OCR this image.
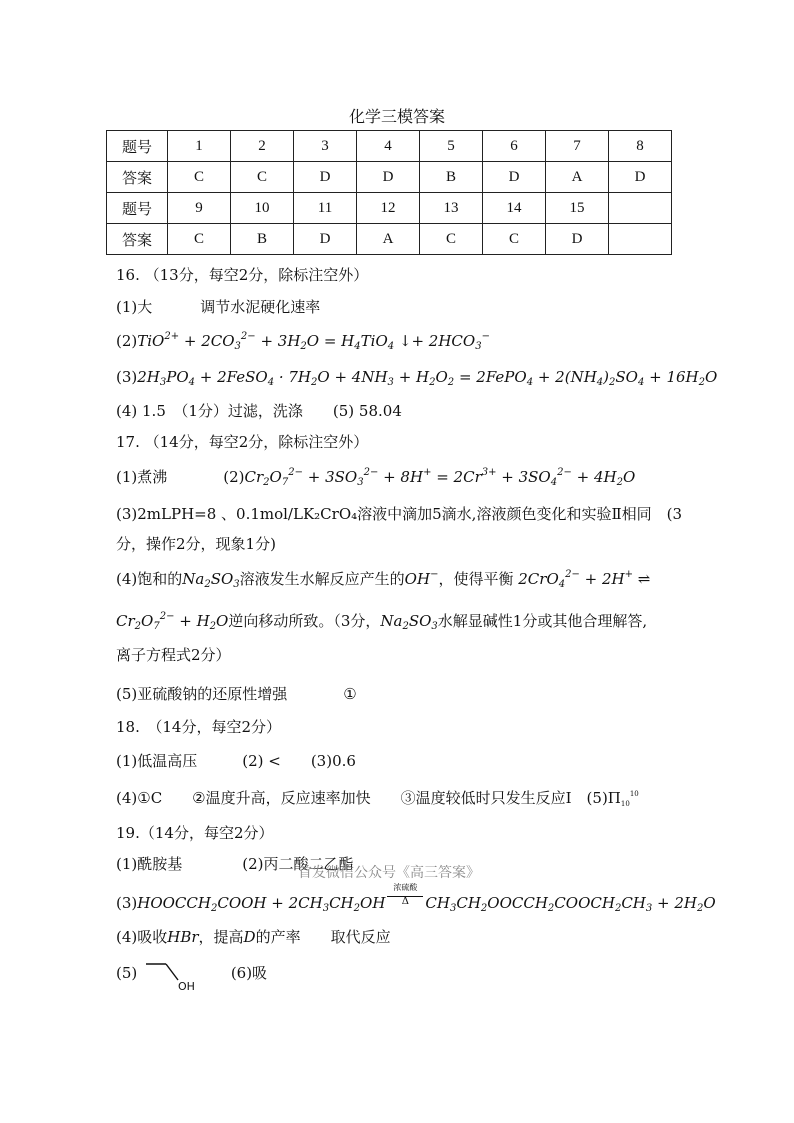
化学三模答案
题号	1	2	3	4	5	6	7	8
答案	C	C	D	D	B	D	A	D
题号	9	10	11	12	13	14	15	
答案	C	B	D	A	C	C	D	
16. （13分，每空2分，除标注空外）
(1)大	调节水泥硬化速率
$(2)TiO^{2+} + 2CO_3^{2-} + 3H_2O = H_4TiO_4$ ↓+ $2HCO_3^-$
$(3)2H_3PO_4$ + 2FeSO$_4$ · $7H_2O + 4NH_3 + H_2O_2$ = 2FePO$_4$ + $2(NH_4)_2SO_4 + 16H_2O$
(4) 1.5　（1分）过滤，洗涤　　(5) 58.04
17. （14分，每空2分，除标注空外）
(1)煮沸	$(2)Cr_2O_7^{2-} + 3SO_3^{2-} + 8H^+ = 2Cr^{3+} + 3SO_4^{2-} + 4H_2O$
(3)2mLPH=8 、0.1mol/LK₂CrO₄溶液中滴加5滴水,溶液颜色变化和实验Ⅱ相同　(3
分，操作2分，现象1分)
(4)饱和的$Na_2SO_3$溶液发生水解反应产生的OH−，使得平衡 2CrO$_4^{2-}$ + 2H+ ⇌
$Cr_2O_7^{2-} + H_2O$逆向移动所致。（3分，$Na_2SO_3$水解显碱性1分或其他合理解答,
离子方程式2分）
(5)亚硫酸钠的还原性增强	①
18.　（14分，每空2分）
(1)低温高压　　　(2) <　　(3)0.6
(4)①C　　②温度升高，反应速率加快　　③温度较低时只发生反应Ⅰ　$(5)\Pi_{10}^{10}$
19.（14分，每空2分）
(1)酰胺基　　　　(2)丙二酸二乙酯
首发微信公众号《高三答案》
$(3)HOOCCH_2COOH + 2CH_3CH_2OH$
浓硫酸
Δ	$CH_3CH_2OOCCH_2COOCH_2CH_3 + 2H_2O$
(4)吸收HBr，提高D的产率　　取代反应
(5)
OH
(6)吸
